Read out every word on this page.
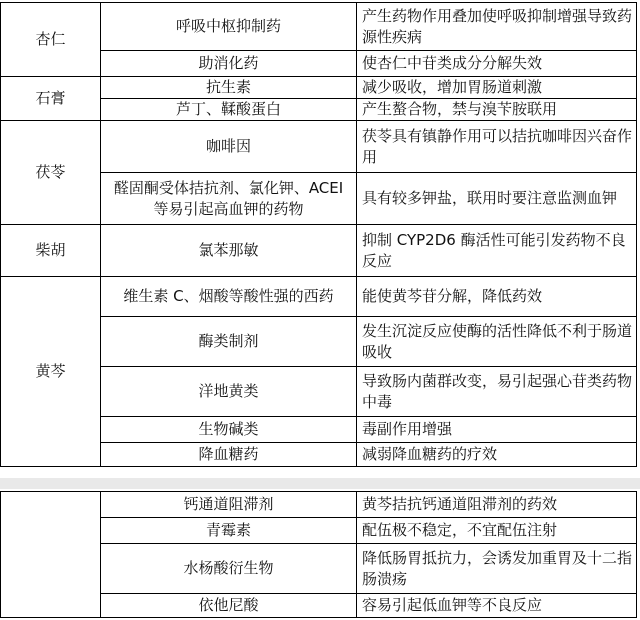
杏仁	呼吸中枢抑制药	产生药物作用叠加使呼吸抑制增强导致药源性疾病
	助消化药	使杏仁中苷类成分分解失效
石膏	抗生素	减少吸收，增加胃肠道刺激
	芦丁、鞣酸蛋白	产生螯合物，禁与溴苄胺联用
茯苓	咖啡因	茯苓具有镇静作用可以拮抗咖啡因兴奋作用
	醛固酮受体拮抗剂、氯化钾、ACEI 等易引起高血钾的药物	具有较多钾盐，联用时要注意监测血钾
柴胡	氯苯那敏	抑制 CYP2D6 酶活性可能引发药物不良反应
黄芩	维生素 C、烟酸等酸性强的西药	能使黄芩苷分解，降低药效
	酶类制剂	发生沉淀反应使酶的活性降低不利于肠道吸收
	洋地黄类	导致肠内菌群改变，易引起强心苷类药物中毒
	生物碱类	毒副作用增强
	降血糖药	减弱降血糖药的疗效
	钙通道阻滞剂	黄芩拮抗钙通道阻滞剂的药效
	青霉素	配伍极不稳定，不宜配伍注射
	水杨酸衍生物	降低肠胃抵抗力，会诱发加重胃及十二指肠溃疡
	依他尼酸	容易引起低血钾等不良反应
